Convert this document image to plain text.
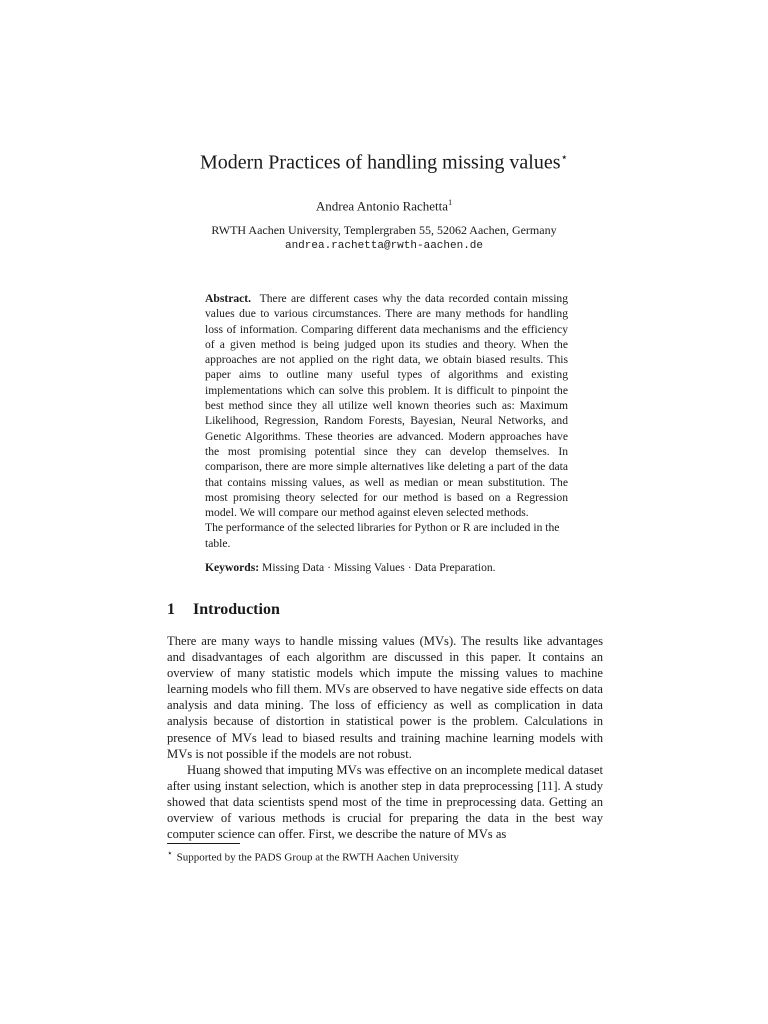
Modern Practices of handling missing values⋆
Andrea Antonio Rachetta$^1$
RWTH Aachen University, Templergraben 55, 52062 Aachen, Germany
andrea.rachetta@rwth-aachen.de

Abstract. There are different cases why the data recorded contain missing values due to various circumstances. There are many methods for handling loss of information. Comparing different data mechanisms and the efficiency of a given method is being judged upon its studies and theory. When the approaches are not applied on the right data, we obtain biased results. This paper aims to outline many useful types of algorithms and existing implementations which can solve this problem. It is difficult to pinpoint the best method since they all utilize well known theories such as: Maximum Likelihood, Regression, Random Forests, Bayesian, Neural Networks, and Genetic Algorithms. These theories are advanced. Modern approaches have the most promising potential since they can develop themselves. In comparison, there are more simple alternatives like deleting a part of the data that contains missing values, as well as median or mean substitution. The most promising theory selected for our method is based on a Regression model. We will compare our method against eleven selected methods.

The performance of the selected libraries for Python or R are included in the table.

Keywords: Missing Data · Missing Values · Data Preparation.
1 Introduction

There are many ways to handle missing values (MVs). The results like advantages and disadvantages of each algorithm are discussed in this paper. It contains an overview of many statistic models which impute the missing values to machine learning models who fill them. MVs are observed to have negative side effects on data analysis and data mining. The loss of efficiency as well as complication in data analysis because of distortion in statistical power is the problem. Calculations in presence of MVs lead to biased results and training machine learning models with MVs is not possible if the models are not robust.

Huang showed that imputing MVs was effective on an incomplete medical dataset after using instant selection, which is another step in data preprocessing [11]. A study showed that data scientists spend most of the time in preprocessing data. Getting an overview of various methods is crucial for preparing the data in the best way computer science can offer. First, we describe the nature of MVs as

⋆ Supported by the PADS Group at the RWTH Aachen University
